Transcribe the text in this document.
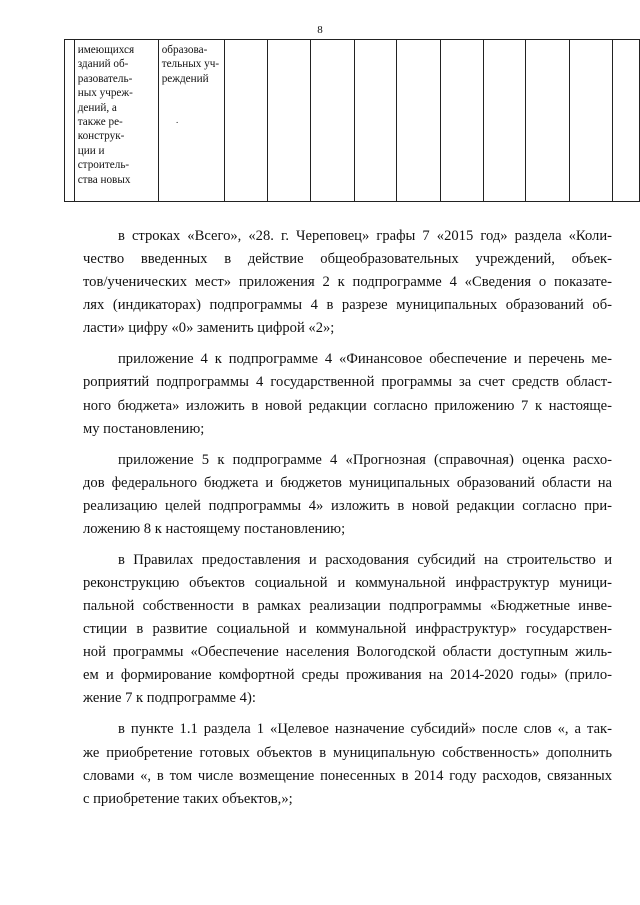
8

имеющихся
зданий об-
разователь-
ных учреж-
дений, а
также ре-
конструк-
ции и
строитель-
ства новых

образова-
тельных уч-
реждений

.

в строках «Всего», «28. г. Череповец» графы 7 «2015 год» раздела «Коли-
чество введенных в действие общеобразовательных учреждений, объек-
тов/ученических мест» приложения 2 к подпрограмме 4 «Сведения о показате-
лях (индикаторах) подпрограммы 4 в разрезе муниципальных образований об-
ласти» цифру «0» заменить цифрой «2»;

приложение 4 к подпрограмме 4 «Финансовое обеспечение и перечень ме-
роприятий подпрограммы 4 государственной программы за счет средств област-
ного бюджета» изложить в новой редакции согласно приложению 7 к настояще-
му постановлению;

приложение 5 к подпрограмме 4 «Прогнозная (справочная) оценка расхо-
дов федерального бюджета и бюджетов муниципальных образований области на
реализацию целей подпрограммы 4» изложить в новой редакции согласно при-
ложению 8 к настоящему постановлению;

в Правилах предоставления и расходования субсидий на строительство и
реконструкцию объектов социальной и коммунальной инфраструктур муници-
пальной собственности в рамках реализации подпрограммы «Бюджетные инве-
стиции в развитие социальной и коммунальной инфраструктур» государствен-
ной программы «Обеспечение населения Вологодской области доступным жиль-
ем и формирование комфортной среды проживания на 2014-2020 годы» (прило-
жение 7 к подпрограмме 4):

в пункте 1.1 раздела 1 «Целевое назначение субсидий» после слов «, а так-
же приобретение готовых объектов в муниципальную собственность» дополнить
словами «, в том числе возмещение понесенных в 2014 году расходов, связанных
с приобретение таких объектов,»;
